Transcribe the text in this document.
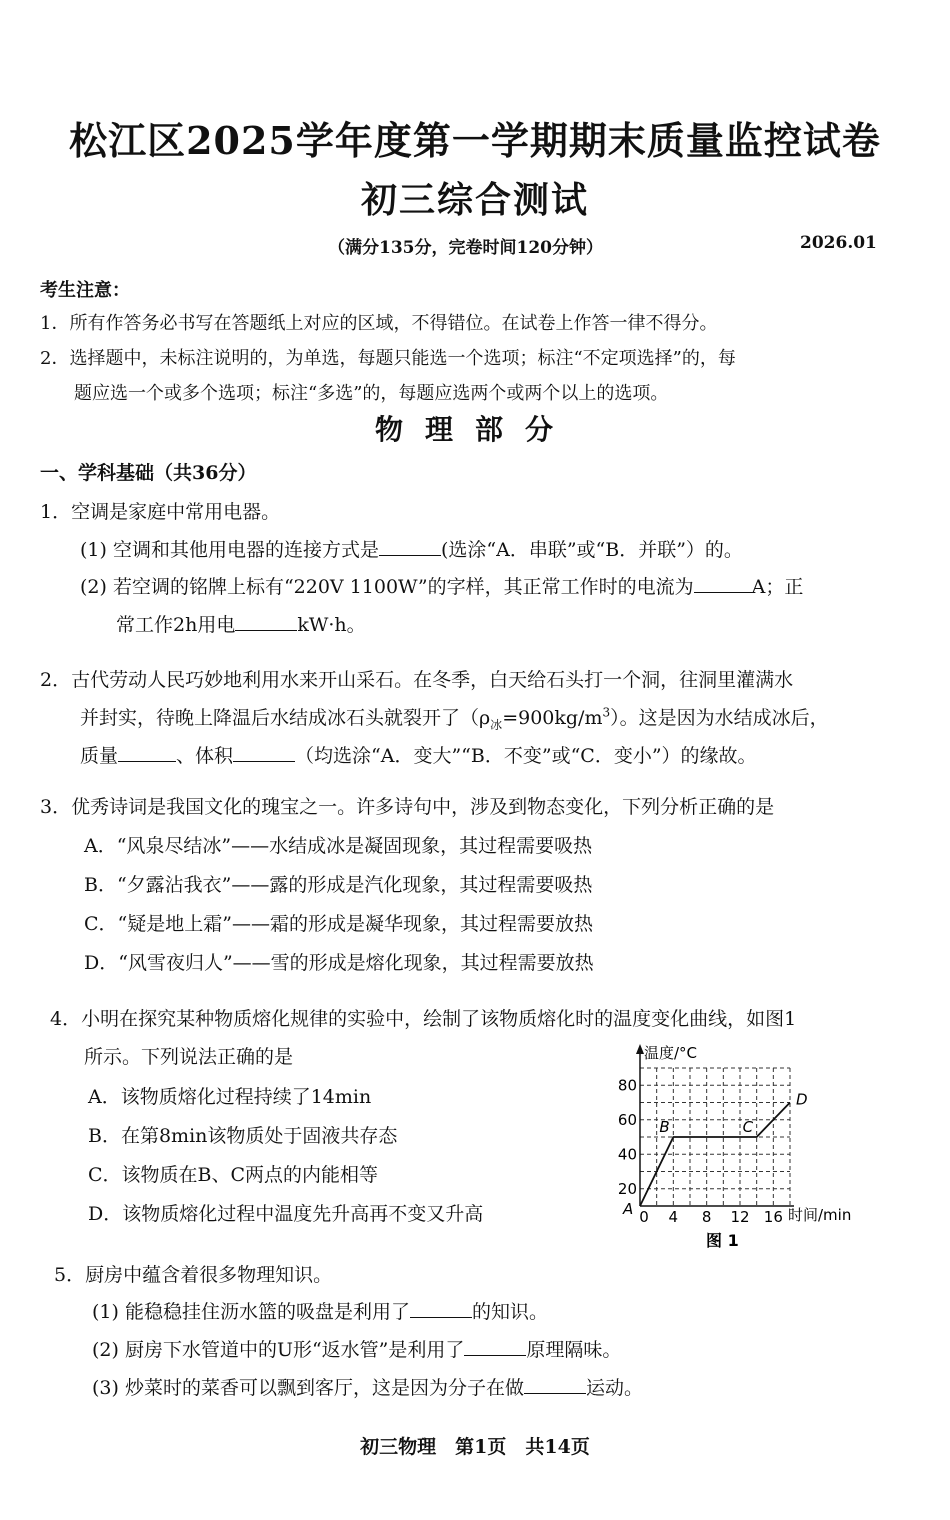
松江区2025学年度第一学期期末质量监控试卷
初三综合测试
（满分135分，完卷时间120分钟）	2026.01
考生注意：
1．所有作答务必书写在答题纸上对应的区域，不得错位。在试卷上作答一律不得分。
2．选择题中，未标注说明的，为单选，每题只能选一个选项；标注“不定项选择”的，每
题应选一个或多个选项；标注“多选”的，每题应选两个或两个以上的选项。
物理部分
一、学科基础（共36分）
1．空调是家庭中常用电器。
(1) 空调和其他用电器的连接方式是	(选涂“A．串联”或“B．并联”）的。
(2) 若空调的铭牌上标有“220V 1100W”的字样，其正常工作时的电流为	A；正
常工作2h用电	kW·h。
2．古代劳动人民巧妙地利用水来开山采石。在冬季，白天给石头打一个洞，往洞里灌满水
并封实，待晚上降温后水结成冰石头就裂开了$(\rho_冰=900kg/m^3)$。这是因为水结成冰后，
质量	、体积	（均选涂“A．变大”“B．不变”或“C．变小”）的缘故。
3．优秀诗词是我国文化的瑰宝之一。许多诗句中，涉及到物态变化，下列分析正确的是
A．“风泉尽结冰”——水结成冰是凝固现象，其过程需要吸热
B．“夕露沾我衣”——露的形成是汽化现象，其过程需要吸热
C．“疑是地上霜”——霜的形成是凝华现象，其过程需要放热
D．“风雪夜归人”——雪的形成是熔化现象，其过程需要放热
4．小明在探究某种物质熔化规律的实验中，绘制了该物质熔化时的温度变化曲线，如图1
所示。下列说法正确的是
A．该物质熔化过程持续了14min
B．在第8min该物质处于固液共存态
C．该物质在B、C两点的内能相等
D．该物质熔化过程中温度先升高再不变又升高	0 4 8 12 16
20
40
60
80
B	C
D
温度/°C
时间/min
A
图 1
5．厨房中蕴含着很多物理知识。
(1) 能稳稳挂住沥水篮的吸盘是利用了	的知识。
(2) 厨房下水管道中的U形“返水管”是利用了	原理隔味。
(3) 炒菜时的菜香可以飘到客厅，这是因为分子在做	运动。
初三物理　第1页　共14页
